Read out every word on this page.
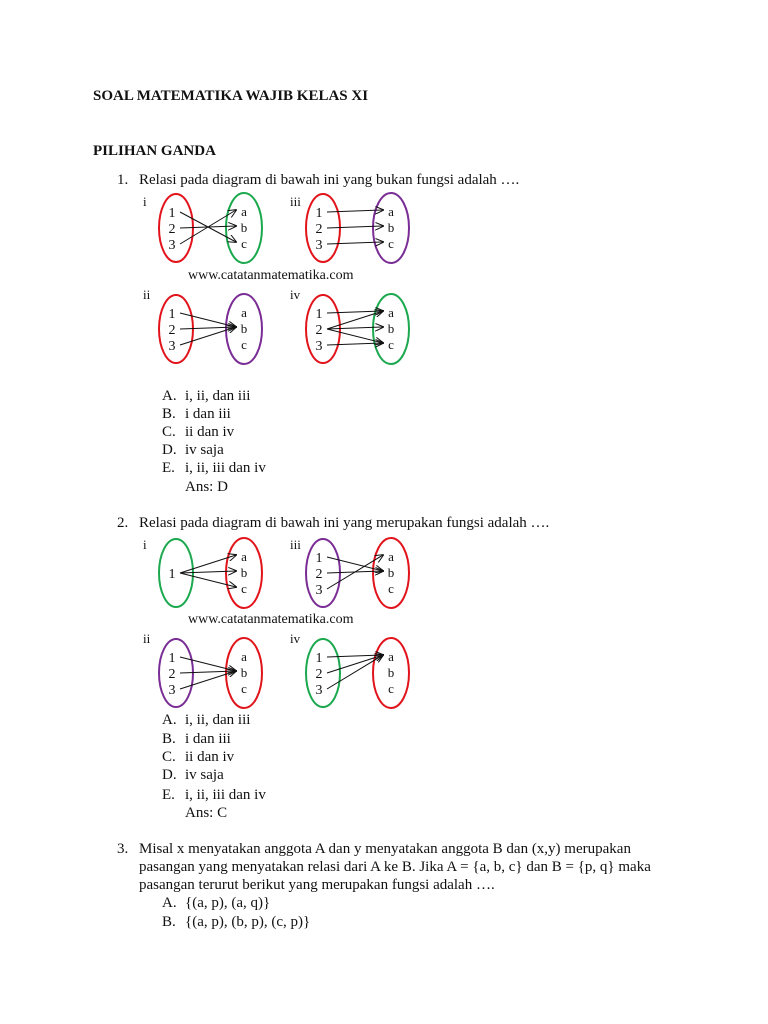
SOAL MATEMATIKA WAJIB KELAS XI
PILIHAN GANDA
1. Relasi pada diagram di bawah ini yang bukan fungsi adalah ….
i	iii
www.catatanmatematika.com
ii	iv
1
2
3
a
b
c
1
2
3
a
b
c
1
2
3
a
b
c
1
2
3
a
b
c
A. i, ii, dan iii
B. i dan iii
C. ii dan iv
D. iv saja
E. i, ii, iii dan iv
Ans: D
2. Relasi pada diagram di bawah ini yang merupakan fungsi adalah ….
i	iii
www.catatanmatematika.com
ii	iv
1
a
b
c
1
2
3
a
b
c
1
2
3
a
b
c
1
2
3
a
b
c
A. i, ii, dan iii
B. i dan iii
C. ii dan iv
D. iv saja
E. i, ii, iii dan iv
Ans: C
3. Misal x menyatakan anggota A dan y menyatakan anggota B dan (x,y) merupakan
pasangan yang menyatakan relasi dari A ke B. Jika A = {a, b, c} dan B = {p, q} maka
pasangan terurut berikut yang merupakan fungsi adalah ….
A. {(a, p), (a, q)}
B. {(a, p), (b, p), (c, p)}
